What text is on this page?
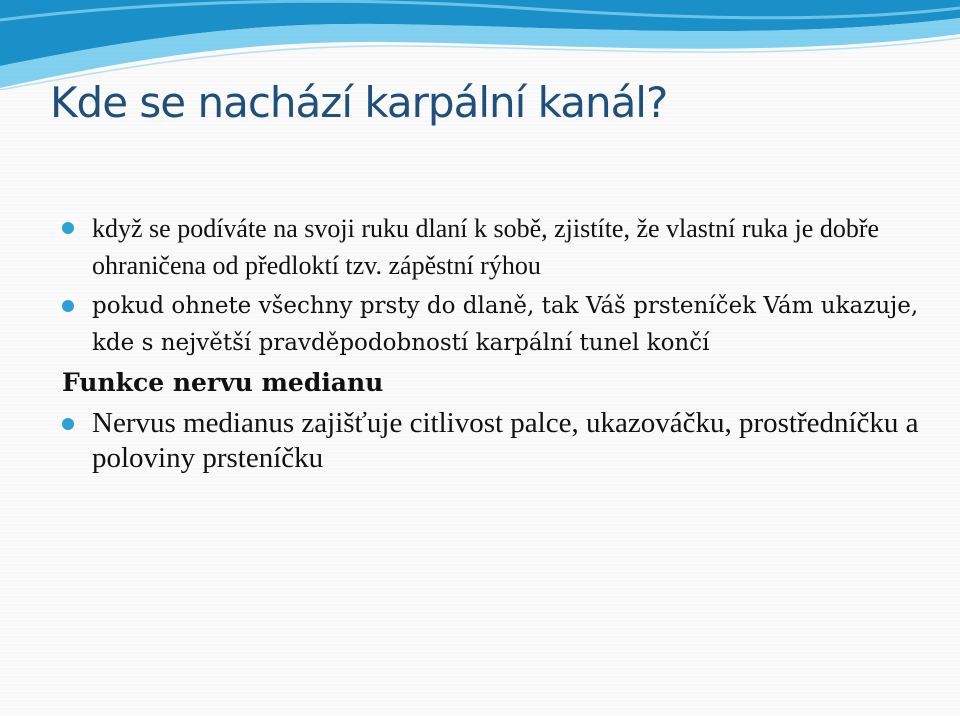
Kde se nachází karpální kanál?
když se podíváte na svoji ruku dlaní k sobě, zjistíte, že vlastní ruka je dobře ohraničena od předloktí tzv. zápěstní rýhou
pokud ohnete všechny prsty do dlaně, tak Váš prsteníček Vám ukazuje, kde s největší pravděpodobností karpální tunel končí
Funkce nervu medianu
Nervus medianus zajišťuje citlivost palce, ukazováčku, prostředníčku a poloviny prsteníčku
